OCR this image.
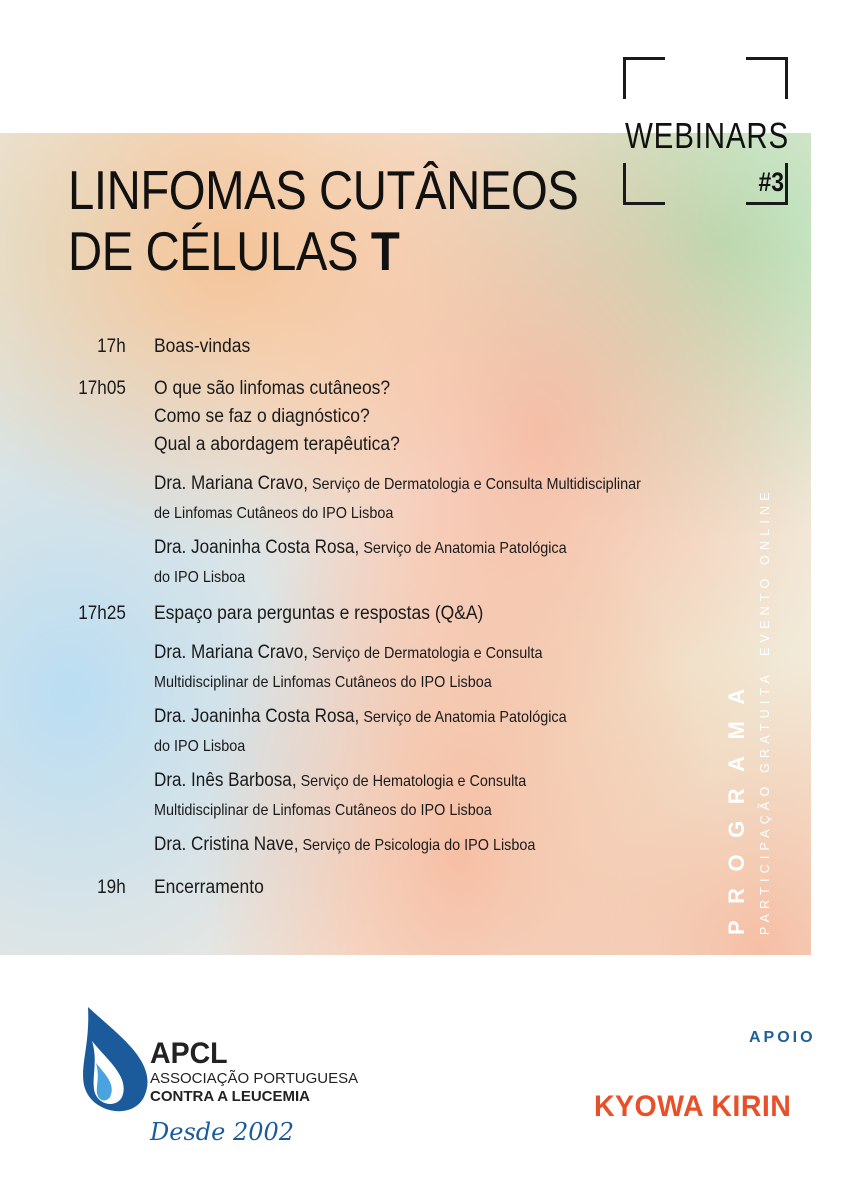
LINFOMAS CUTÂNEOS
DE CÉLULAS T
WEBINARS
#3
17h Boas-vindas
17h05 O que são linfomas cutâneos?
Como se faz o diagnóstico?
Qual a abordagem terapêutica?
Dra. Mariana Cravo, Serviço de Dermatologia e Consulta Multidisciplinar
de Linfomas Cutâneos do IPO Lisboa
Dra. Joaninha Costa Rosa, Serviço de Anatomia Patológica
do IPO Lisboa
17h25 Espaço para perguntas e respostas (Q&A)
Dra. Mariana Cravo, Serviço de Dermatologia e Consulta
Multidisciplinar de Linfomas Cutâneos do IPO Lisboa
Dra. Joaninha Costa Rosa, Serviço de Anatomia Patológica
do IPO Lisboa
Dra. Inês Barbosa, Serviço de Hematologia e Consulta
Multidisciplinar de Linfomas Cutâneos do IPO Lisboa
Dra. Cristina Nave, Serviço de Psicologia do IPO Lisboa
19h Encerramento	PROGRAMA PARTICIPAÇÃO GRATUITAEVENTO ONLINE
APCL
ASSOCIAÇÃO PORTUGUESA
CONTRA A LEUCEMIA
Desde 2002
APOIO
KYOWA KIRIN
